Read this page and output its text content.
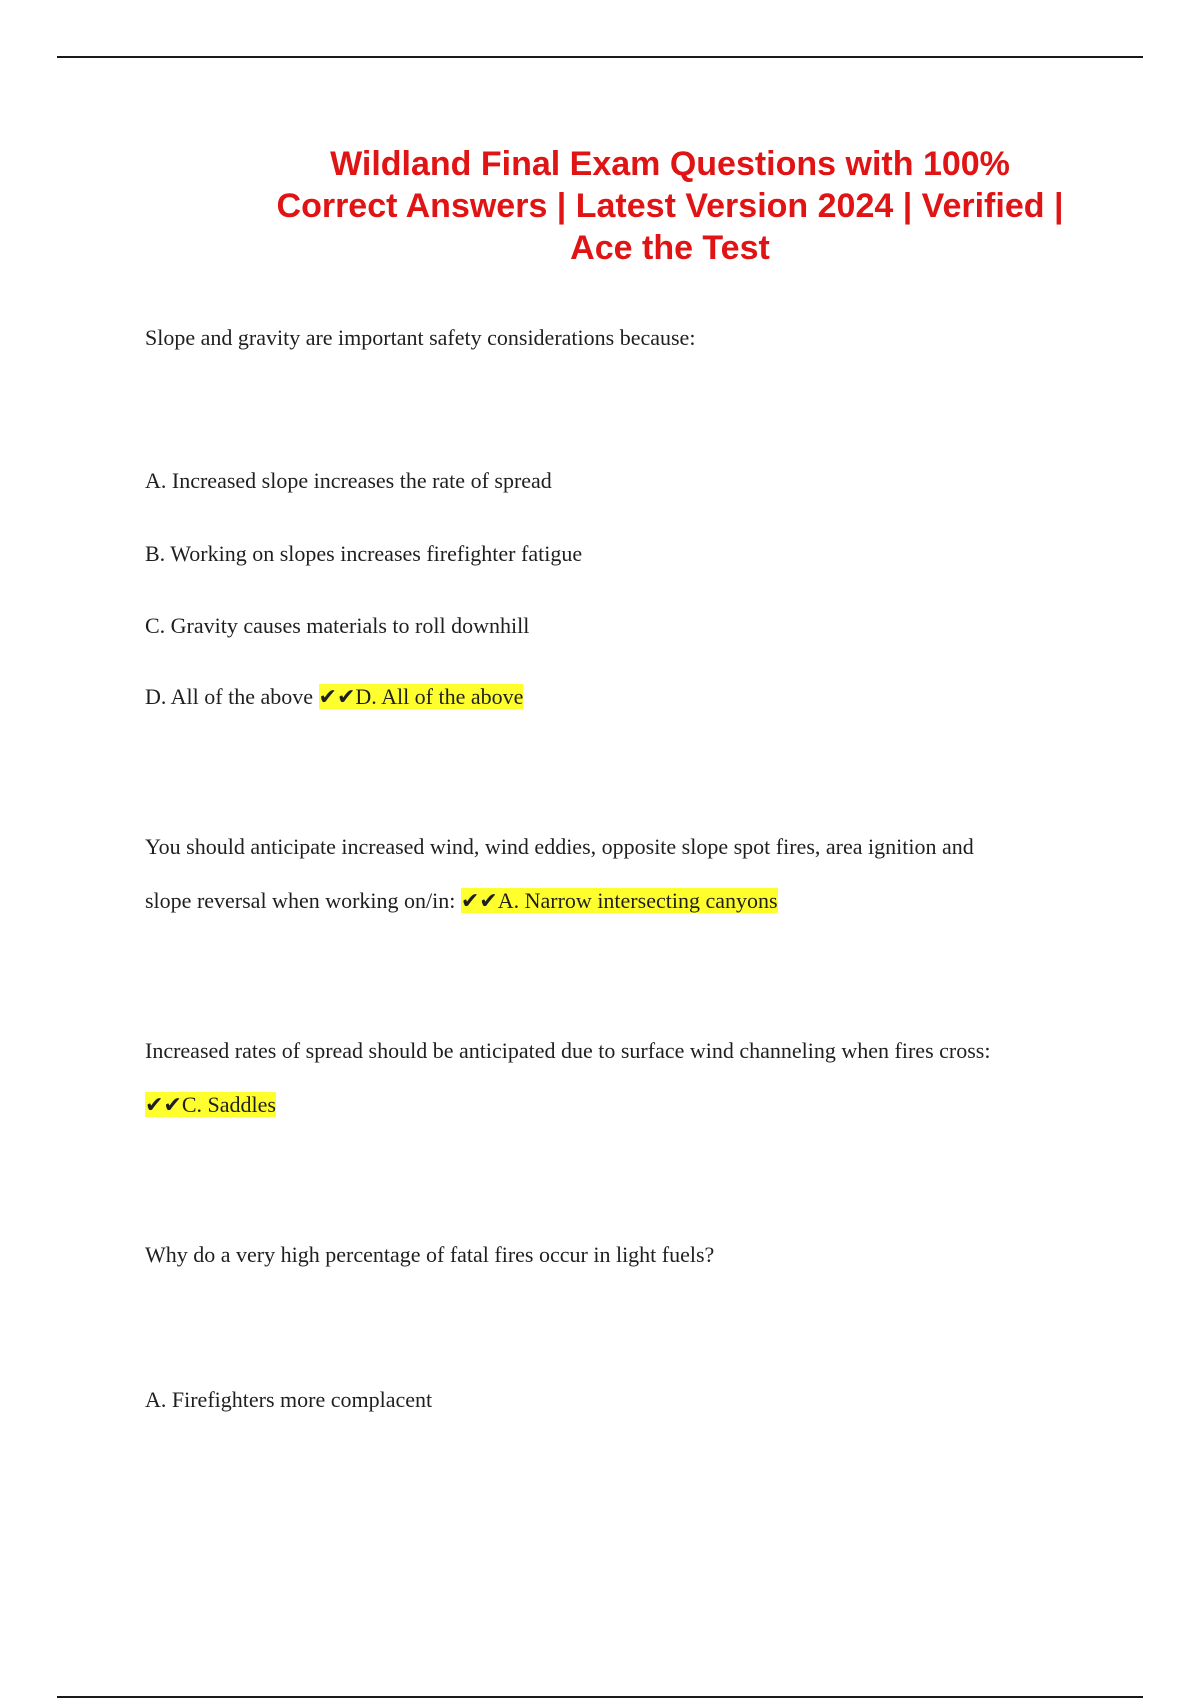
Wildland Final Exam Questions with 100% Correct Answers | Latest Version 2024 | Verified | Ace the Test

Slope and gravity are important safety considerations because:

A. Increased slope increases the rate of spread

B. Working on slopes increases firefighter fatigue

C. Gravity causes materials to roll downhill

D. All of the above ✔✔D. All of the above

You should anticipate increased wind, wind eddies, opposite slope spot fires, area ignition and

slope reversal when working on/in: ✔✔A. Narrow intersecting canyons

Increased rates of spread should be anticipated due to surface wind channeling when fires cross:

✔✔C. Saddles

Why do a very high percentage of fatal fires occur in light fuels?

A. Firefighters more complacent
